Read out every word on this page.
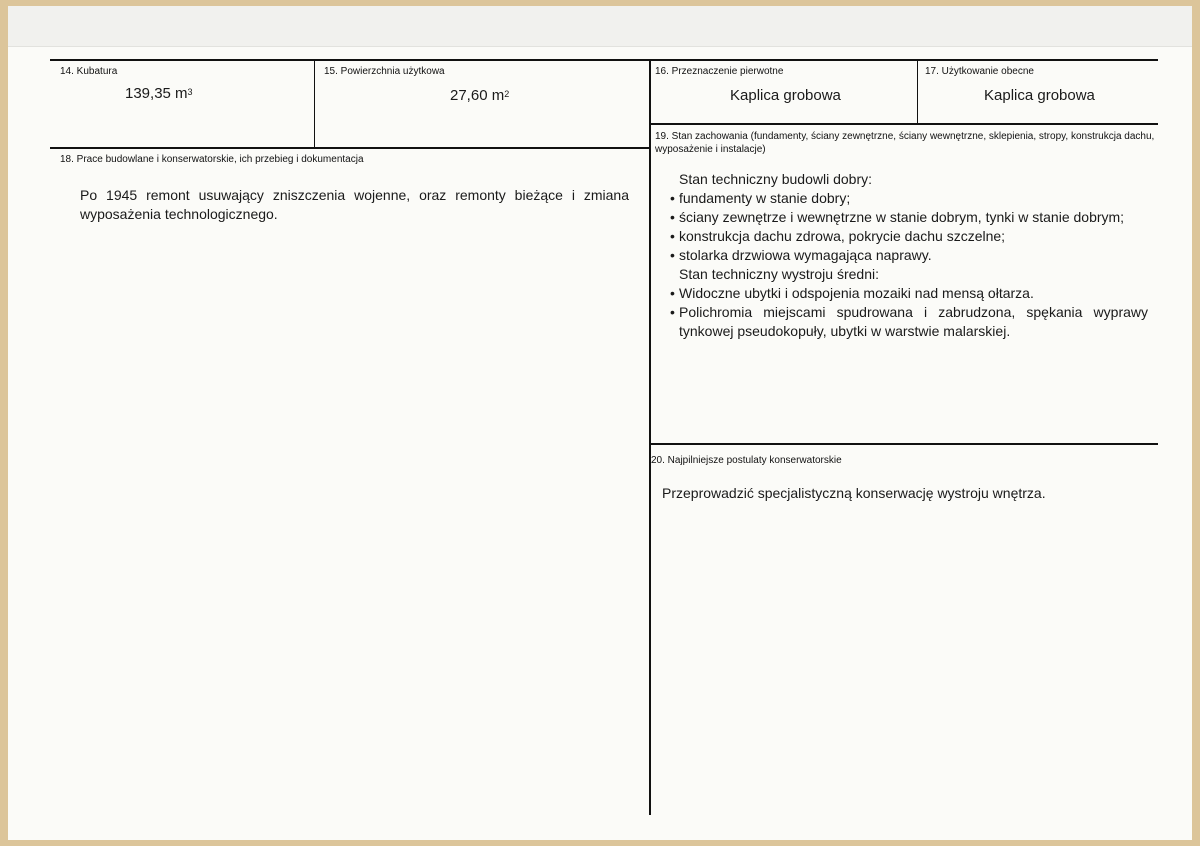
14. Kubatura
139,35 $m^3$
15. Powierzchnia użytkowa
27,60 $m^2$
16. Przeznaczenie pierwotne
Kaplica grobowa
17. Użytkowanie obecne
Kaplica grobowa
18. Prace budowlane i konserwatorskie, ich przebieg i dokumentacja
Po 1945 remont usuwający zniszczenia wojenne, oraz remonty bieżące i zmiana wyposażenia technologicznego.
19. Stan zachowania (fundamenty, ściany zewnętrzne, ściany wewnętrzne, sklepienia, stropy, konstrukcja dachu, wyposażenie i instalacje)
Stan techniczny budowli dobry:
• fundamenty w stanie dobry;
• ściany zewnętrze i wewnętrzne w stanie dobrym, tynki w stanie dobrym;
• konstrukcja dachu zdrowa, pokrycie dachu szczelne;
• stolarka drzwiowa wymagająca naprawy.
Stan techniczny wystroju średni:
• Widoczne ubytki i odspojenia mozaiki nad mensą ołtarza.
• Polichromia miejscami spudrowana i zabrudzona, spękania wyprawy tynkowej pseudokopuły, ubytki w warstwie malarskiej.
20. Najpilniejsze postulaty konserwatorskie
Przeprowadzić specjalistyczną konserwację wystroju wnętrza.
